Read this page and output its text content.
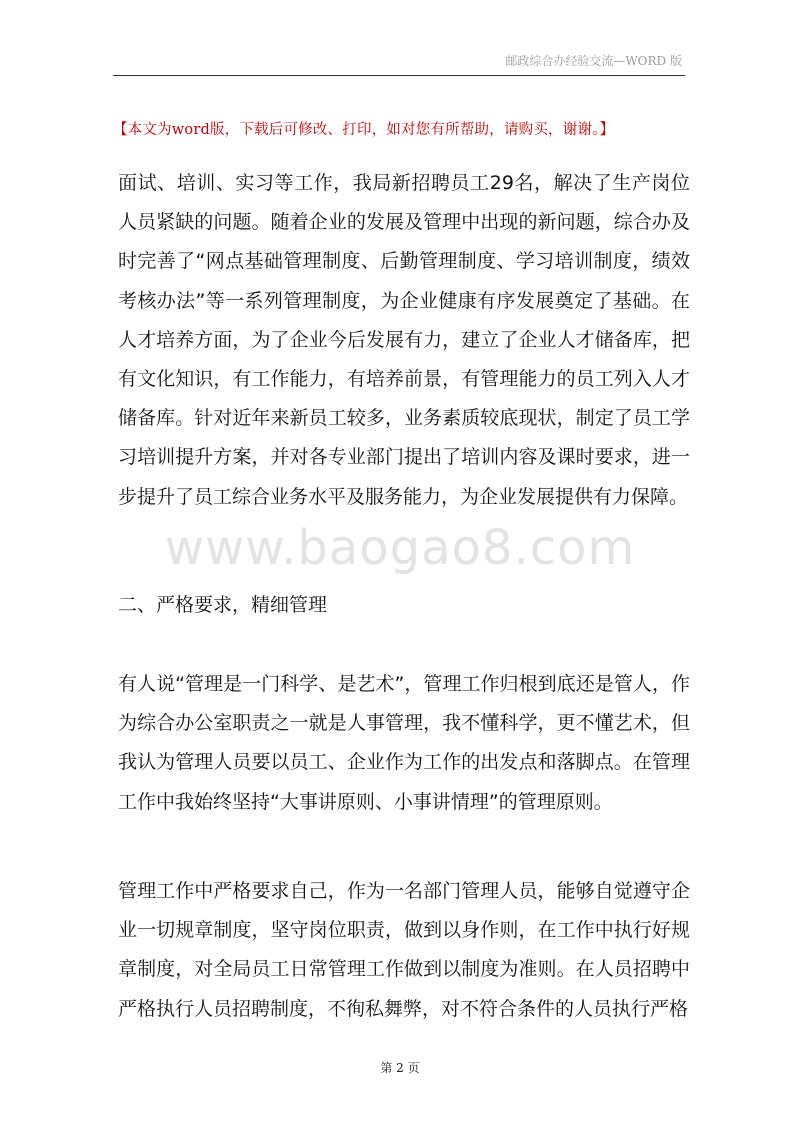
邮政综合办经验交流—WORD 版
【本文为word版，下载后可修改、打印，如对您有所帮助，请购买，谢谢。】
www.baogao8.com

面试、培训、实习等工作，我局新招聘员工29名，解决了生产岗位人员紧缺的问题。随着企业的发展及管理中出现的新问题，综合办及时完善了“网点基础管理制度、后勤管理制度、学习培训制度，绩效考核办法”等一系列管理制度，为企业健康有序发展奠定了基础。在人才培养方面，为了企业今后发展有力，建立了企业人才储备库，把有文化知识，有工作能力，有培养前景，有管理能力的员工列入人才储备库。针对近年来新员工较多，业务素质较底现状，制定了员工学习培训提升方案，并对各专业部门提出了培训内容及课时要求，进一步提升了员工综合业务水平及服务能力，为企业发展提供有力保障。

二、严格要求，精细管理

有人说“管理是一门科学、是艺术”，管理工作归根到底还是管人，作为综合办公室职责之一就是人事管理，我不懂科学，更不懂艺术，但我认为管理人员要以员工、企业作为工作的出发点和落脚点。在管理工作中我始终坚持“大事讲原则、小事讲情理”的管理原则。

管理工作中严格要求自己，作为一名部门管理人员，能够自觉遵守企业一切规章制度，坚守岗位职责，做到以身作则，在工作中执行好规章制度，对全局员工日常管理工作做到以制度为准则。在人员招聘中严格执行人员招聘制度，不徇私舞弊，对不符合条件的人员执行严格

第 2 页
